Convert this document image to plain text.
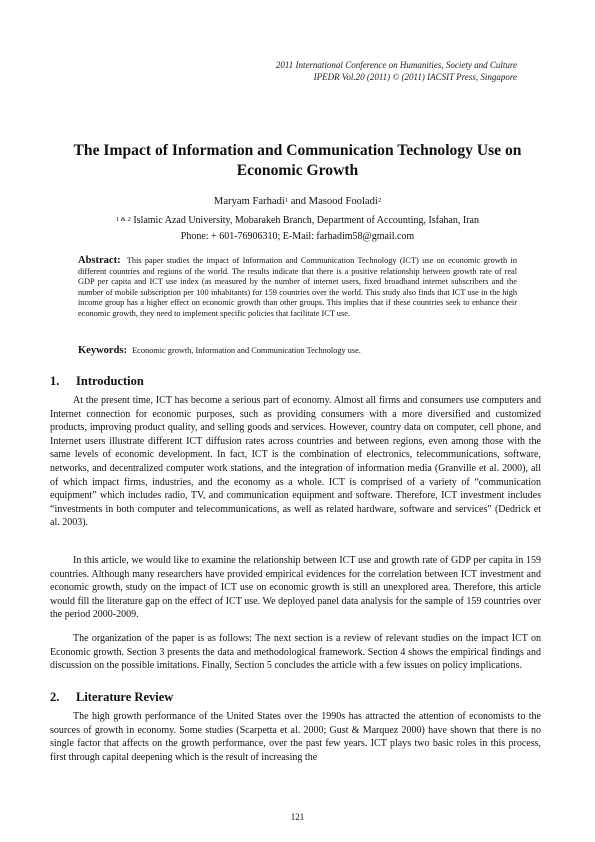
2011 International Conference on Humanities, Society and Culture
IPEDR Vol.20 (2011) © (2011) IACSIT Press, Singapore
The Impact of Information and Communication Technology Use on Economic Growth
Maryam Farhadi$^1$ and Masood Fooladi$^2$
$^{1 \& 2}$ Islamic Azad University, Mobarakeh Branch, Department of Accounting, Isfahan, Iran
Phone: + 601-76906310; E-Mail: farhadim58@gmail.com
Abstract: This paper studies the impact of Information and Communication Technology (ICT) use on economic growth in different countries and regions of the world. The results indicate that there is a positive relationship between growth rate of real GDP per capita and ICT use index (as measured by the number of internet users, fixed broadband internet subscribers and the number of mobile subscription per 100 inhabitants) for 159 countries over the world. This study also finds that ICT use in the high income group has a higher effect on economic growth than other groups. This implies that if these countries seek to enhance their economic growth, they need to implement specific policies that facilitate ICT use.
Keywords: Economic growth, Information and Communication Technology use.
1. Introduction
At the present time, ICT has become a serious part of economy. Almost all firms and consumers use computers and Internet connection for economic purposes, such as providing consumers with a more diversified and customized products, improving product quality, and selling goods and services. However, country data on computer, cell phone, and Internet users illustrate different ICT diffusion rates across countries and between regions, even among those with the same levels of economic development. In fact, ICT is the combination of electronics, telecommunications, software, networks, and decentralized computer work stations, and the integration of information media (Granville et al. 2000), all of which impact firms, industries, and the economy as a whole. ICT is comprised of a variety of “communication equipment” which includes radio, TV, and communication equipment and software. Therefore, ICT investment includes “investments in both computer and telecommunications, as well as related hardware, software and services” (Dedrick et al. 2003).
In this article, we would like to examine the relationship between ICT use and growth rate of GDP per capita in 159 countries. Although many researchers have provided empirical evidences for the correlation between ICT investment and economic growth, study on the impact of ICT use on economic growth is still an unexplored area. Therefore, this article would fill the literature gap on the effect of ICT use. We deployed panel data analysis for the sample of 159 countries over the period 2000-2009.
The organization of the paper is as follows: The next section is a review of relevant studies on the impact ICT on Economic growth. Section 3 presents the data and methodological framework. Section 4 shows the empirical findings and discussion on the possible imitations. Finally, Section 5 concludes the article with a few issues on policy implications.
2. Literature Review
The high growth performance of the United States over the 1990s has attracted the attention of economists to the sources of growth in economy. Some studies (Scarpetta et al. 2000; Gust & Marquez 2000) have shown that there is no single factor that affects on the growth performance, over the past few years. ICT plays two basic roles in this process, first through capital deepening which is the result of increasing the
121
